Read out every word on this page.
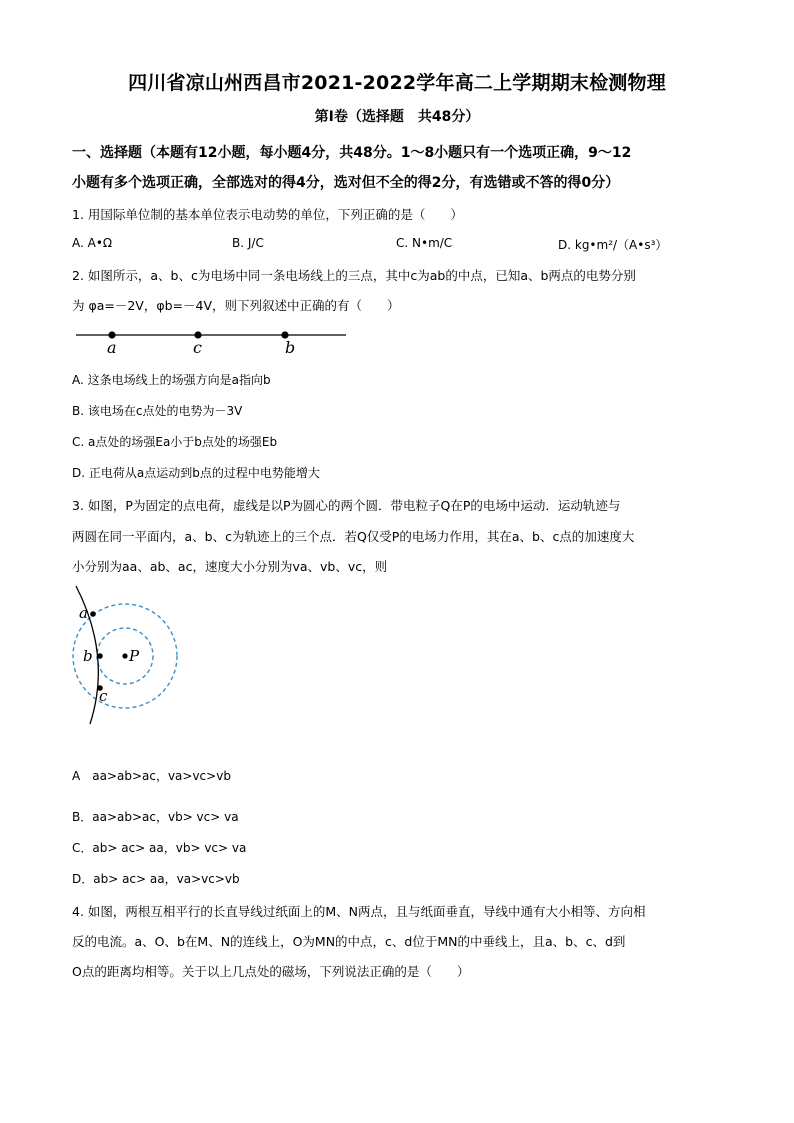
四川省凉山州西昌市2021-2022学年高二上学期期末检测物理
第Ⅰ卷（选择题　共48分）
一、选择题（本题有12小题，每小题4分，共48分。1～8小题只有一个选项正确，9～12
小题有多个选项正确，全部选对的得4分，选对但不全的得2分，有选错或不答的得0分）
1. 用国际单位制的基本单位表示电动势的单位，下列正确的是（　　）
A. A•Ω	B. J/C	C. N•m/C	D. kg•m²/（A•s³）
2. 如图所示，a、b、c为电场中同一条电场线上的三点，其中c为ab的中点，已知a、b两点的电势分别
为 φa=－2V，φb=－4V，则下列叙述中正确的有（　　）
a	c	b
A. 这条电场线上的场强方向是a指向b
B. 该电场在c点处的电势为－3V
C. a点处的场强Ea小于b点处的场强Eb
D. 正电荷从a点运动到b点的过程中电势能增大
3. 如图，P为固定的点电荷，虚线是以P为圆心的两个圆．带电粒子Q在P的电场中运动．运动轨迹与
两圆在同一平面内，a、b、c为轨迹上的三个点．若Q仅受P的电场力作用，其在a、b、c点的加速度大
小分别为aa、ab、ac，速度大小分别为va、vb、vc，则
a
b
c
P
A　aa>ab>ac，va>vc>vb
B．aa>ab>ac，vb> vc> va
C．ab> ac> aa，vb> vc> va
D．ab> ac> aa，va>vc>vb
4. 如图，两根互相平行的长直导线过纸面上的M、N两点，且与纸面垂直，导线中通有大小相等、方向相
反的电流。a、O、b在M、N的连线上，O为MN的中点，c、d位于MN的中垂线上，且a、b、c、d到
O点的距离均相等。关于以上几点处的磁场，下列说法正确的是（　　）
